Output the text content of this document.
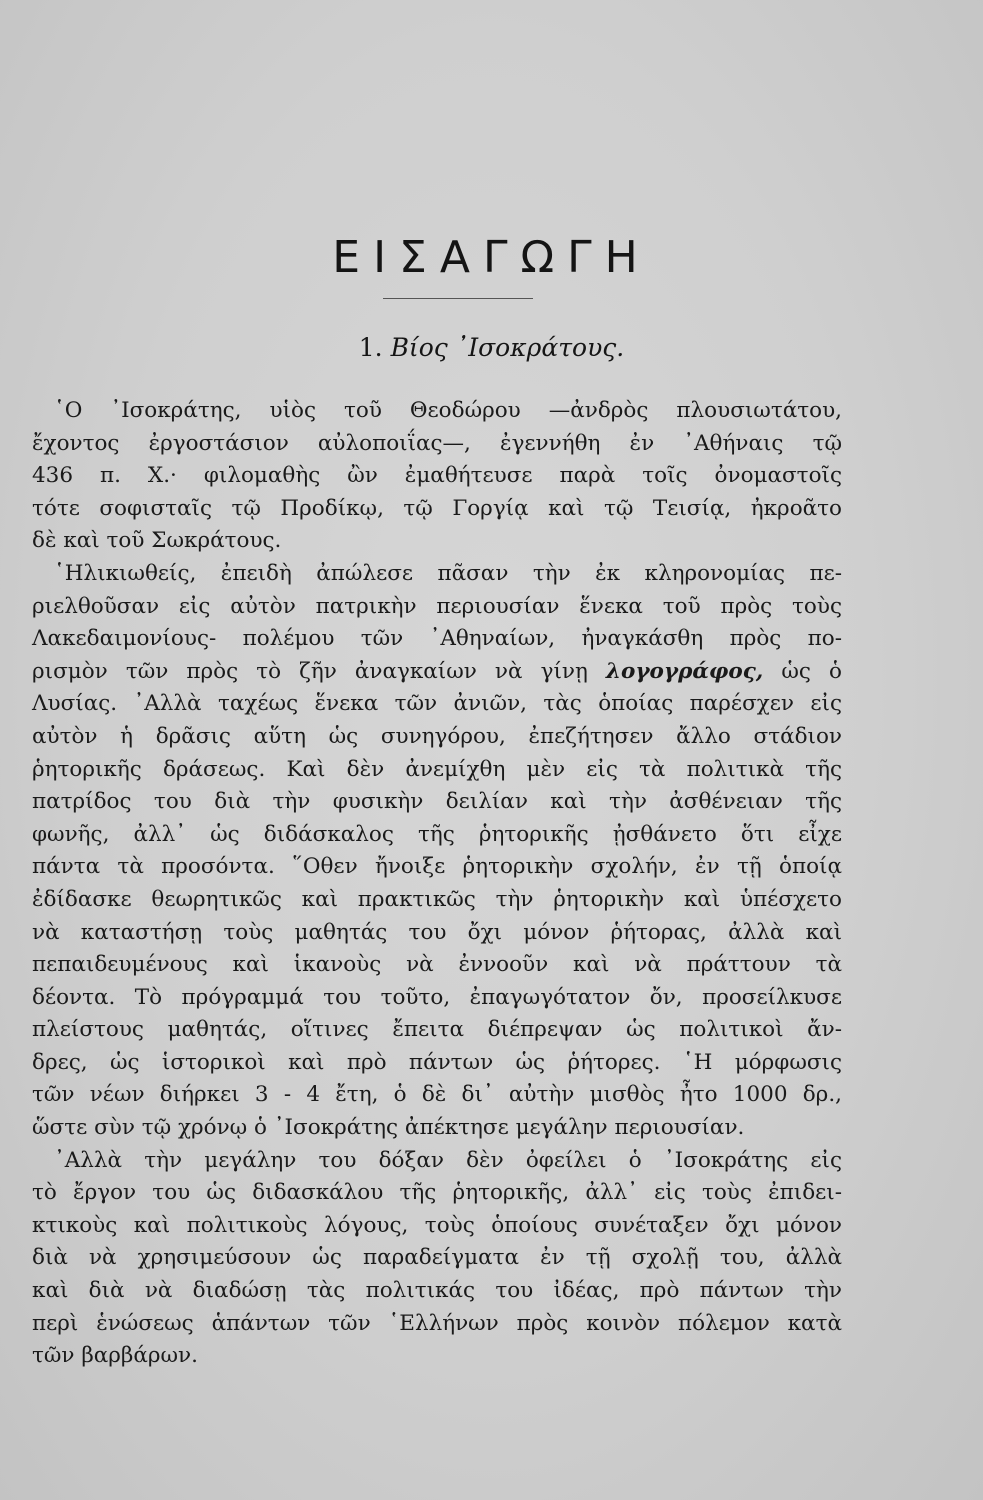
ΕΙΣΑΓΩΓΗ
1. Βίος ᾿Ισοκράτους.
῾Ο ᾿Ισοκράτης, υἱὸς τοῦ Θεοδώρου —ἀνδρὸς πλουσιωτάτου,
ἔχοντος ἐργοστάσιον αὐλοποιΐας—, ἐγεννήθη ἐν ᾿Αθήναις τῷ
436 π. Χ.· φιλομαθὴς ὢν ἐμαθήτευσε παρὰ τοῖς ὀνομαστοῖς
τότε σοφισταῖς τῷ Προδίκῳ, τῷ Γοργίᾳ καὶ τῷ Τεισίᾳ, ἠκροᾶτο
δὲ καὶ τοῦ Σωκράτους.
῾Ηλικιωθείς, ἐπειδὴ ἀπώλεσε πᾶσαν τὴν ἐκ κληρονομίας πε-
ριελθοῦσαν εἰς αὐτὸν πατρικὴν περιουσίαν ἕνεκα τοῦ πρὸς τοὺς
Λακεδαιμονίους- πολέμου τῶν ᾿Αθηναίων, ἠναγκάσθη πρὸς πο-
ρισμὸν τῶν πρὸς τὸ ζῆν ἀναγκαίων νὰ γίνῃ λογογράφος, ὡς ὁ
Λυσίας. ᾿Αλλὰ ταχέως ἕνεκα τῶν ἀνιῶν, τὰς ὁποίας παρέσχεν εἰς
αὐτὸν ἡ δρᾶσις αὕτη ὡς συνηγόρου, ἐπεζήτησεν ἄλλο στάδιον
ῥητορικῆς δράσεως. Καὶ δὲν ἀνεμίχθη μὲν εἰς τὰ πολιτικὰ τῆς
πατρίδος του διὰ τὴν φυσικὴν δειλίαν καὶ τὴν ἀσθένειαν τῆς
φωνῆς, ἀλλ᾿ ὡς διδάσκαλος τῆς ῥητορικῆς ᾐσθάνετο ὅτι εἶχε
πάντα τὰ προσόντα. ῞Οθεν ἤνοιξε ῥητορικὴν σχολήν, ἐν τῇ ὁποίᾳ
ἐδίδασκε θεωρητικῶς καὶ πρακτικῶς τὴν ῥητορικὴν καὶ ὑπέσχετο
νὰ καταστήσῃ τοὺς μαθητάς του ὄχι μόνον ῥήτορας, ἀλλὰ καὶ
πεπαιδευμένους καὶ ἱκανοὺς νὰ ἐννοοῦν καὶ νὰ πράττουν τὰ
δέοντα. Τὸ πρόγραμμά του τοῦτο, ἐπαγωγότατον ὄν, προσείλκυσε
πλείστους μαθητάς, οἵτινες ἔπειτα διέπρεψαν ὡς πολιτικοὶ ἄν-
δρες, ὡς ἱστορικοὶ καὶ πρὸ πάντων ὡς ῥήτορες. ῾Η μόρφωσις
τῶν νέων διήρκει 3 - 4 ἔτη, ὁ δὲ δι᾿ αὐτὴν μισθὸς ἦτο 1000 δρ.,
ὥστε σὺν τῷ χρόνῳ ὁ ᾿Ισοκράτης ἀπέκτησε μεγάλην περιουσίαν.
᾿Αλλὰ τὴν μεγάλην του δόξαν δὲν ὀφείλει ὁ ᾿Ισοκράτης εἰς
τὸ ἔργον του ὡς διδασκάλου τῆς ῥητορικῆς, ἀλλ᾿ εἰς τοὺς ἐπιδει-
κτικοὺς καὶ πολιτικοὺς λόγους, τοὺς ὁποίους συνέταξεν ὄχι μόνον
διὰ νὰ χρησιμεύσουν ὡς παραδείγματα ἐν τῇ σχολῇ του, ἀλλὰ
καὶ διὰ νὰ διαδώσῃ τὰς πολιτικάς του ἰδέας, πρὸ πάντων τὴν
περὶ ἑνώσεως ἁπάντων τῶν ῾Ελλήνων πρὸς κοινὸν πόλεμον κατὰ
τῶν βαρβάρων.
